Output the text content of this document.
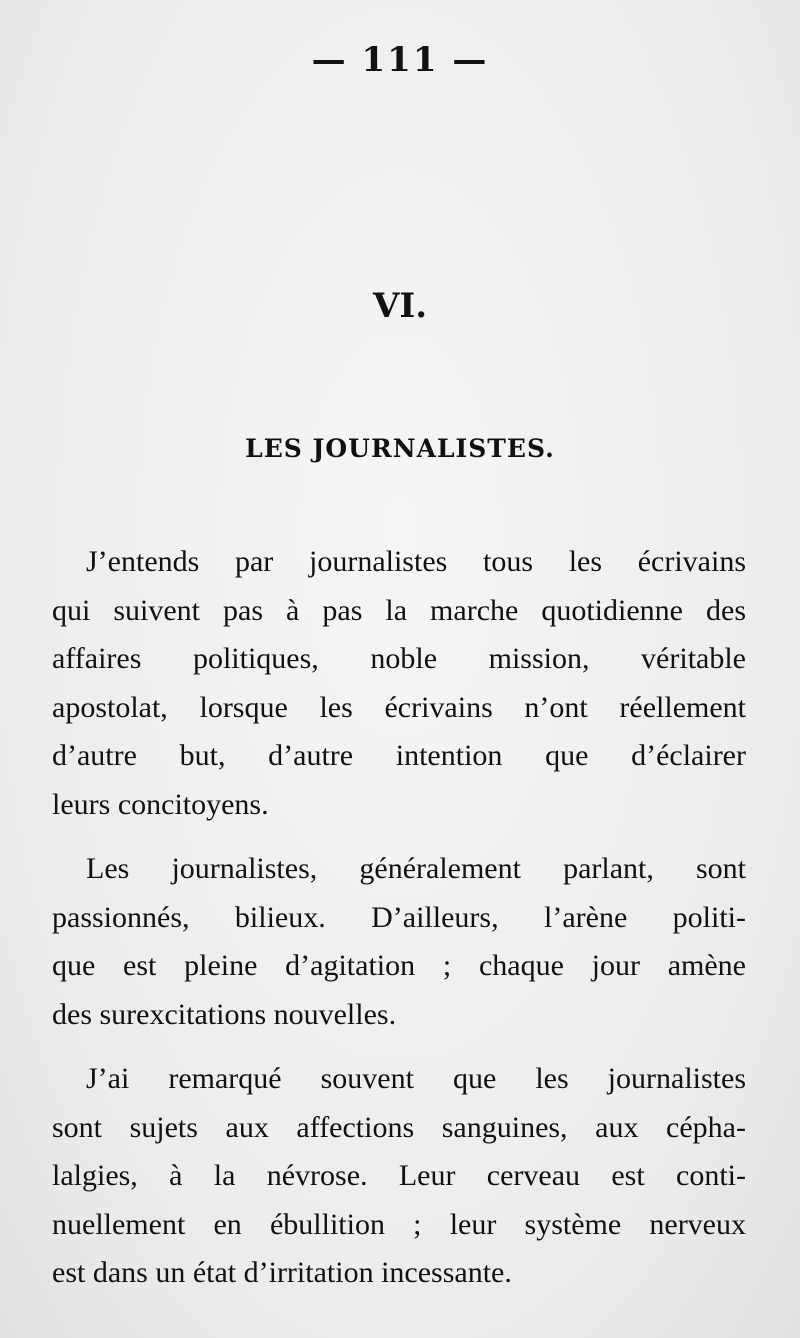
— 111 —
VI.
LES JOURNALISTES.

J’entends par journalistes tous les écrivains
qui suivent pas à pas la marche quotidienne des
affaires politiques, noble mission, véritable
apostolat, lorsque les écrivains n’ont réellement
d’autre but, d’autre intention que d’éclairer
leurs concitoyens.

Les journalistes, généralement parlant, sont
passionnés, bilieux. D’ailleurs, l’arène politi-
que est pleine d’agitation ; chaque jour amène
des surexcitations nouvelles.

J’ai remarqué souvent que les journalistes
sont sujets aux affections sanguines, aux cépha-
lalgies, à la névrose. Leur cerveau est conti-
nuellement en ébullition ; leur système nerveux
est dans un état d’irritation incessante.
